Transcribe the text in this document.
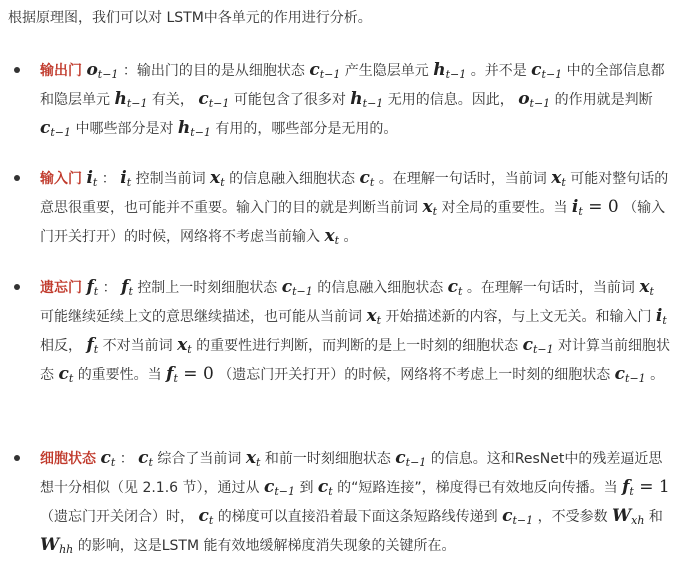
根据原理图，我们可以对 LSTM中各单元的作用进行分析。
输出门 $o_{t-1}$ ：输出门的目的是从细胞状态 $c_{t-1}$ 产生隐层单元 $h_{t-1}$ 。并不是 $c_{t-1}$ 中的全部信息都和隐层单元 $h_{t-1}$ 有关， $c_{t-1}$ 可能包含了很多对 $h_{t-1}$ 无用的信息。因此， $o_{t-1}$ 的作用就是判断 $c_{t-1}$ 中哪些部分是对 $h_{t-1}$ 有用的，哪些部分是无用的。
输入门 $i_t$ ： $i_t$ 控制当前词 $x_t$ 的信息融入细胞状态 $c_t$ 。在理解一句话时，当前词 $x_t$ 可能对整句话的意思很重要，也可能并不重要。输入门的目的就是判断当前词 $x_t$ 对全局的重要性。当 $i_t = 0$ （输入门开关打开）的时候，网络将不考虑当前输入 $x_t$ 。
遗忘门 $f_t$ ： $f_t$ 控制上一时刻细胞状态 $c_{t-1}$ 的信息融入细胞状态 $c_t$ 。在理解一句话时，当前词 $x_t$ 可能继续延续上文的意思继续描述，也可能从当前词 $x_t$ 开始描述新的内容，与上文无关。和输入门 $i_t$ 相反， $f_t$ 不对当前词 $x_t$ 的重要性进行判断，而判断的是上一时刻的细胞状态 $c_{t-1}$ 对计算当前细胞状态 $c_t$ 的重要性。当 $f_t = 0$ （遗忘门开关打开）的时候，网络将不考虑上一时刻的细胞状态 $c_{t-1}$ 。
细胞状态 $c_t$ ： $c_t$ 综合了当前词 $x_t$ 和前一时刻细胞状态 $c_{t-1}$ 的信息。这和ResNet中的残差逼近思想十分相似（见 2.1.6 节），通过从 $c_{t-1}$ 到 $c_t$ 的“短路连接”，梯度得已有效地反向传播。当 $f_t = 1$ （遗忘门开关闭合）时， $c_t$ 的梯度可以直接沿着最下面这条短路线传递到 $c_{t-1}$ ，不受参数 $W_{xh}$ 和 $W_{hh}$ 的影响，这是LSTM 能有效地缓解梯度消失现象的关键所在。
